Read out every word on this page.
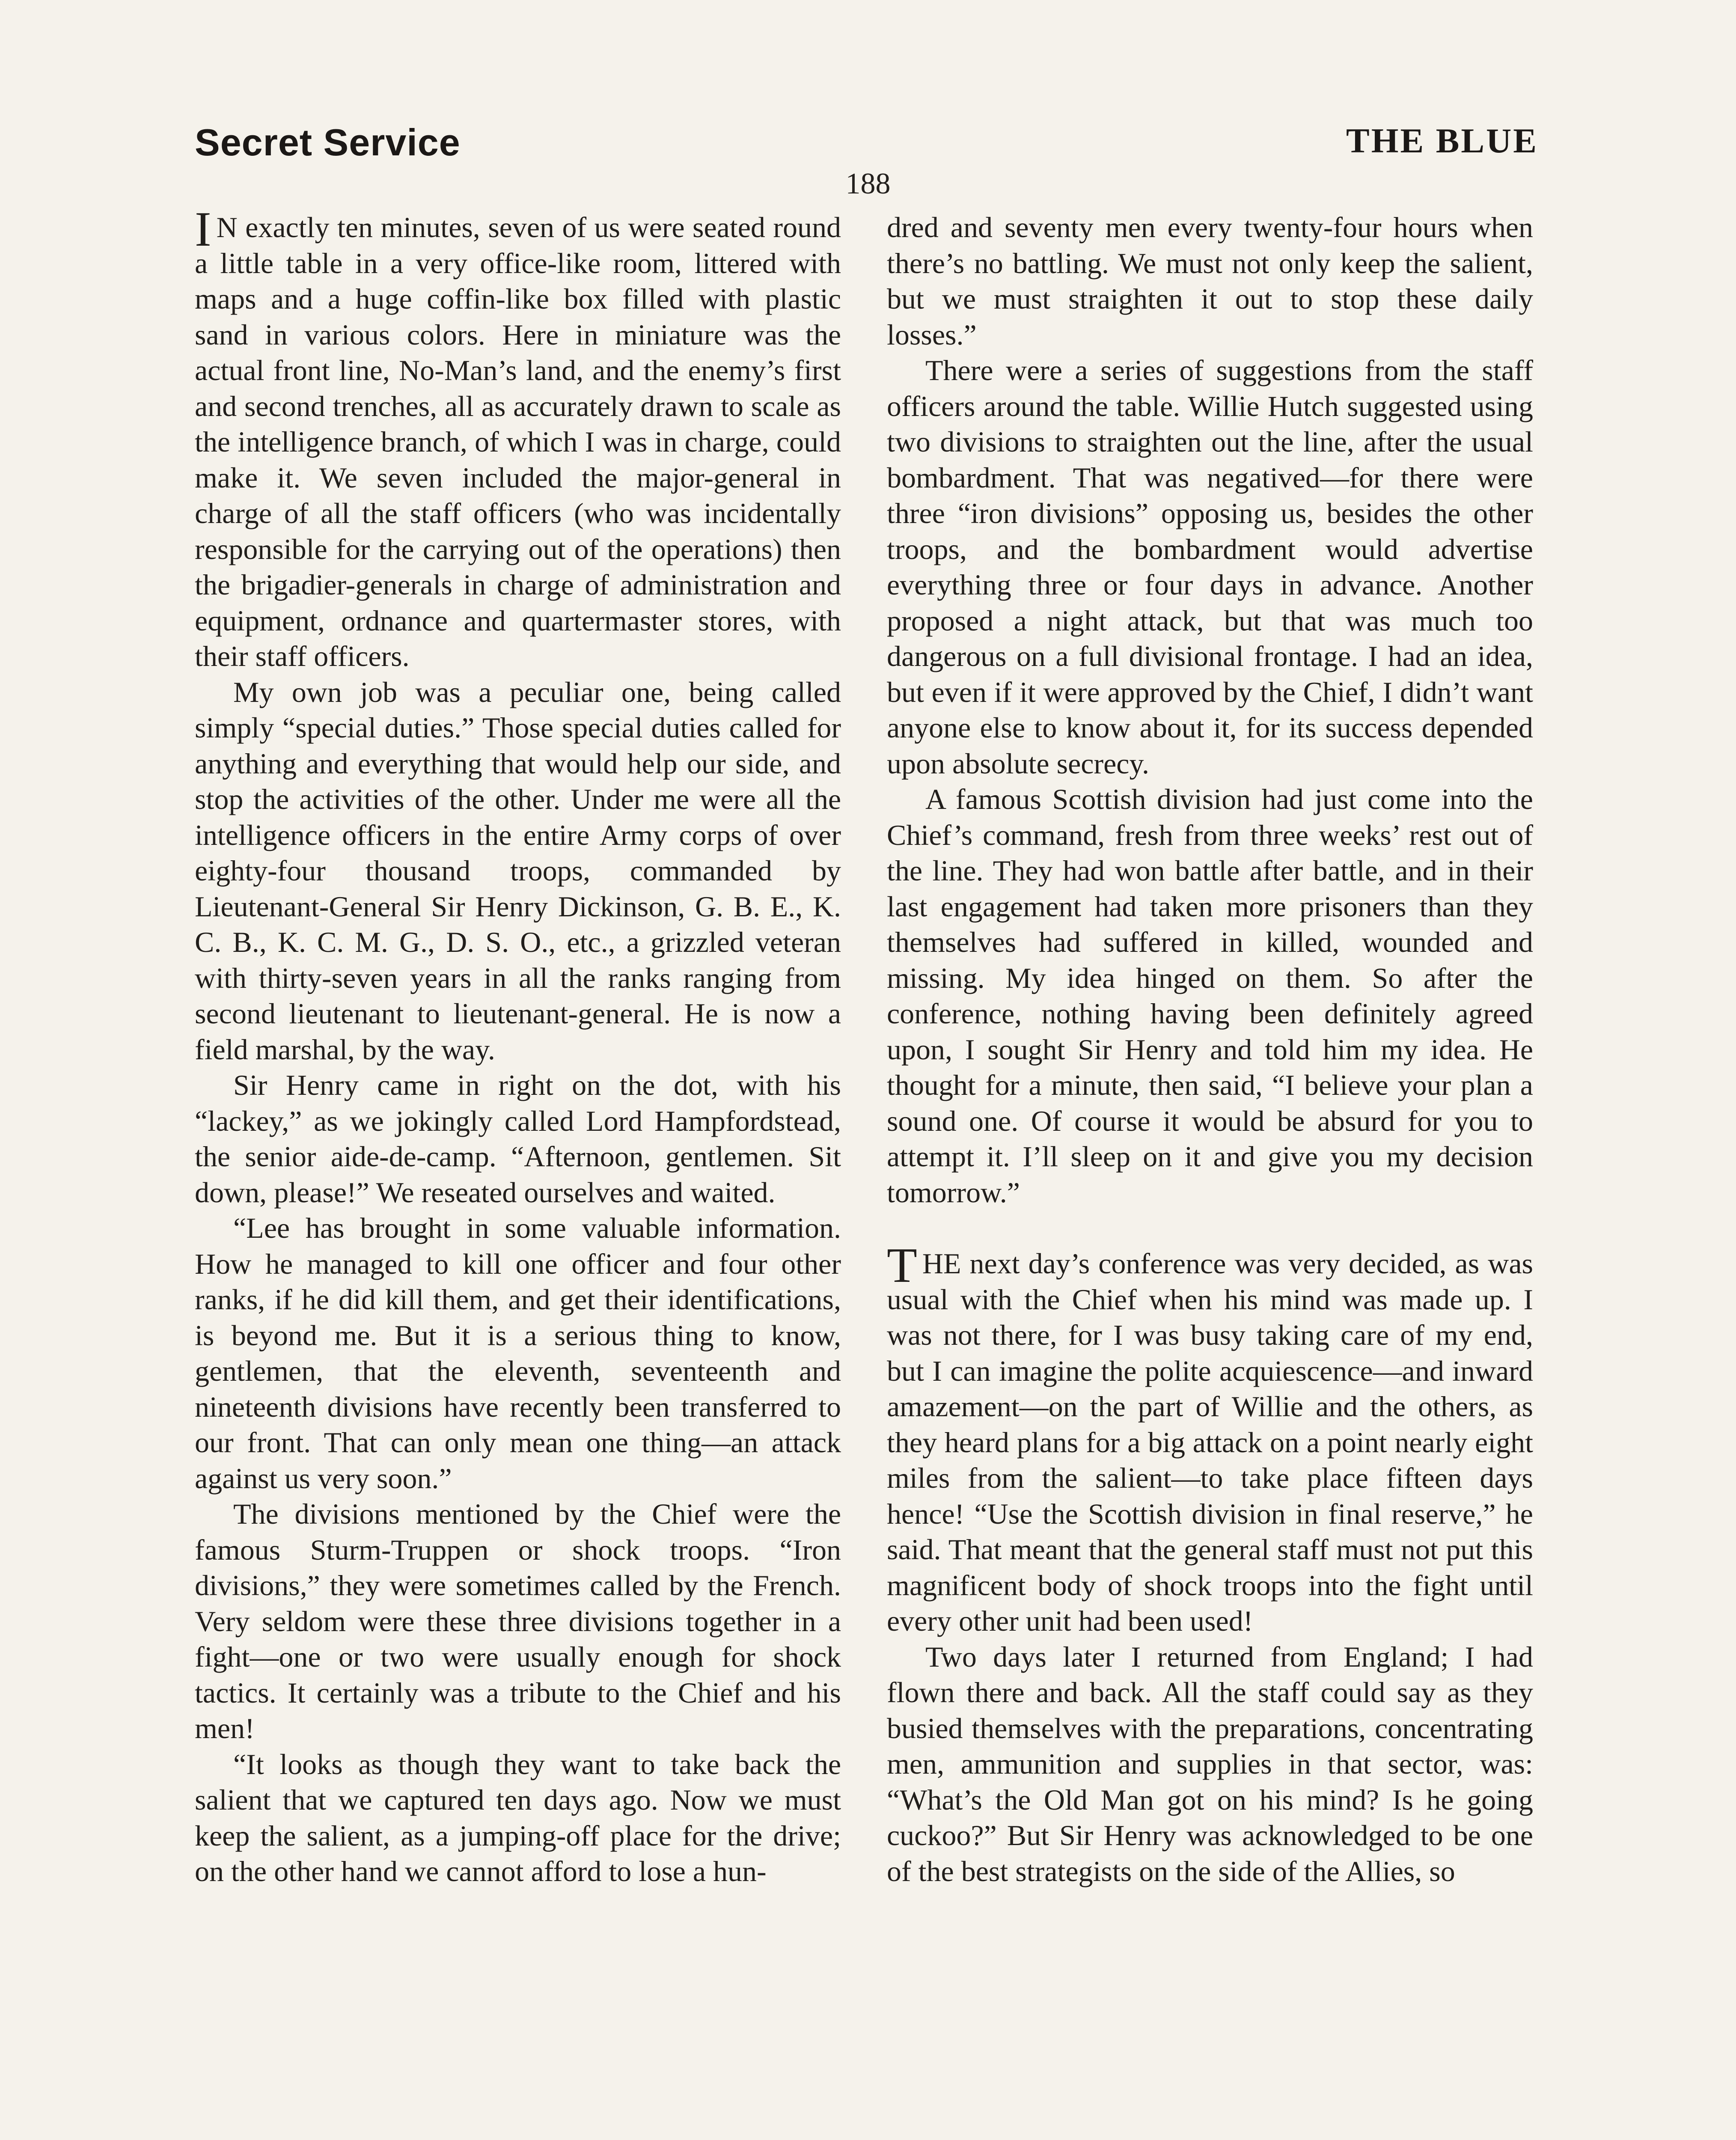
Secret Service	THE BLUE
188

I N exactly ten minutes, seven of us were seated round a little table in a very office-like room, littered with maps and a huge coffin-like box filled with plastic sand in various colors. Here in miniature was the actual front line, No-Man’s land, and the enemy’s first and second trenches, all as accurately drawn to scale as the intelligence branch, of which I was in charge, could make it. We seven included the major-general in charge of all the staff officers (who was incidentally responsible for the carrying out of the operations) then the brigadier-generals in charge of administration and equipment, ordnance and quartermaster stores, with their staff officers.

My own job was a peculiar one, being called simply “special duties.” Those special duties called for anything and everything that would help our side, and stop the activities of the other. Under me were all the intelligence officers in the entire Army corps of over eighty-four thousand troops, commanded by Lieutenant-General Sir Henry Dickinson, G. B. E., K. C. B., K. C. M. G., D. S. O., etc., a grizzled veteran with thirty-seven years in all the ranks ranging from second lieutenant to lieutenant-general. He is now a field marshal, by the way.

Sir Henry came in right on the dot, with his “lackey,” as we jokingly called Lord Hampfordstead, the senior aide-de-camp. “Afternoon, gentlemen. Sit down, please!” We reseated ourselves and waited.

“Lee has brought in some valuable information. How he managed to kill one officer and four other ranks, if he did kill them, and get their identifications, is beyond me. But it is a serious thing to know, gentlemen, that the eleventh, seventeenth and nineteenth divisions have recently been transferred to our front. That can only mean one thing—an attack against us very soon.”

The divisions mentioned by the Chief were the famous Sturm-Truppen or shock troops. “Iron divisions,” they were sometimes called by the French. Very seldom were these three divisions together in a fight—one or two were usually enough for shock tactics. It certainly was a tribute to the Chief and his men!

“It looks as though they want to take back the salient that we captured ten days ago. Now we must keep the salient, as a jumping-off place for the drive; on the other hand we cannot afford to lose a hun-

dred and seventy men every twenty-four hours when there’s no battling. We must not only keep the salient, but we must straighten it out to stop these daily losses.”

There were a series of suggestions from the staff officers around the table. Willie Hutch suggested using two divisions to straighten out the line, after the usual bombardment. That was negatived—for there were three “iron divisions” opposing us, besides the other troops, and the bombardment would advertise everything three or four days in advance. Another proposed a night attack, but that was much too dangerous on a full divisional frontage. I had an idea, but even if it were approved by the Chief, I didn’t want anyone else to know about it, for its success depended upon absolute secrecy.

A famous Scottish division had just come into the Chief’s command, fresh from three weeks’ rest out of the line. They had won battle after battle, and in their last engagement had taken more prisoners than they themselves had suffered in killed, wounded and missing. My idea hinged on them. So after the conference, nothing having been definitely agreed upon, I sought Sir Henry and told him my idea. He thought for a minute, then said, “I believe your plan a sound one. Of course it would be absurd for you to attempt it. I’ll sleep on it and give you my decision tomorrow.”

THE next day’s conference was very decided, as was usual with the Chief when his mind was made up. I was not there, for I was busy taking care of my end, but I can imagine the polite acquiescence—and inward amazement—on the part of Willie and the others, as they heard plans for a big attack on a point nearly eight miles from the salient—to take place fifteen days hence! “Use the Scottish division in final reserve,” he said. That meant that the general staff must not put this magnificent body of shock troops into the fight until every other unit had been used!

Two days later I returned from England; I had flown there and back. All the staff could say as they busied themselves with the preparations, concentrating men, ammunition and supplies in that sector, was: “What’s the Old Man got on his mind? Is he going cuckoo?” But Sir Henry was acknowledged to be one of the best strategists on the side of the Allies, so
